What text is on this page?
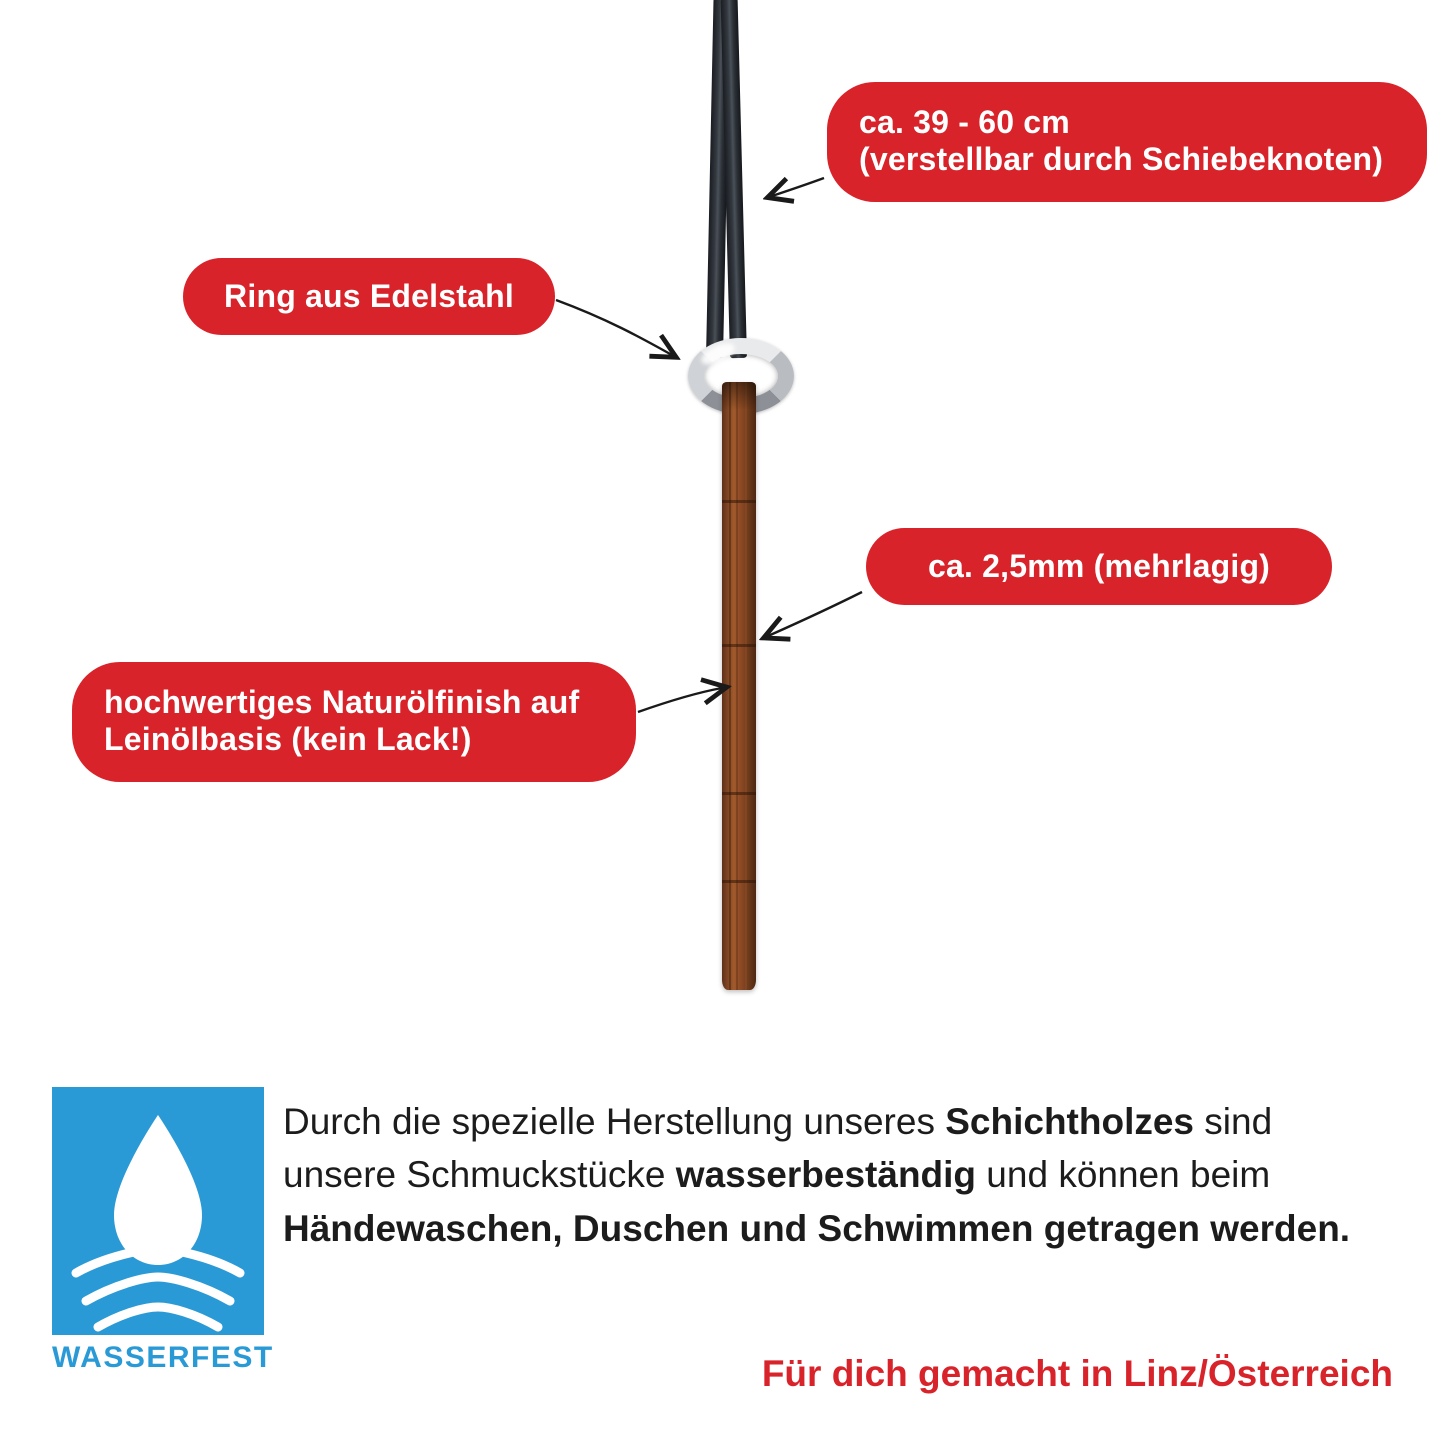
ca. 39 - 60 cm
(verstellbar durch Schiebeknoten)
Ring aus Edelstahl
ca. 2,5mm (mehrlagig)
hochwertiges Naturölfinish auf
Leinölbasis (kein Lack!)
WASSERFEST
Durch die spezielle Herstellung unseres Schichtholzes sind unsere Schmuckstücke wasserbeständig und können beim Händewaschen, Duschen und Schwimmen getragen werden.
Für dich gemacht in Linz/Österreich
